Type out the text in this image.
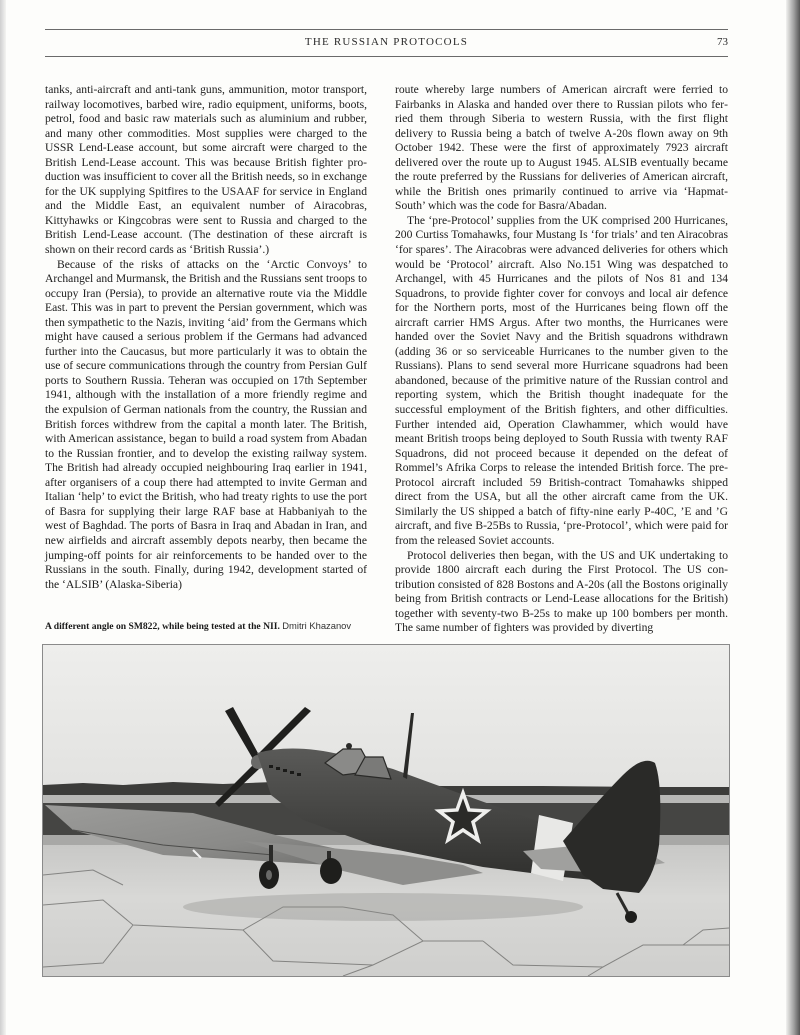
THE RUSSIAN PROTOCOLS	73

tanks, anti-aircraft and anti-tank guns, ammunition, motor transport, railway locomotives, barbed wire, radio equipment, uniforms, boots, petrol, food and basic raw materials such as aluminium and rubber, and many other commodities. Most supplies were charged to the USSR Lend-Lease account, but some aircraft were charged to the British Lend-Lease account. This was because British fighter production was insufficient to cover all the British needs, so in exchange for the UK supplying Spitfires to the USAAF for service in England and the Middle East, an equivalent number of Airacobras, Kittyhawks or Kingcobras were sent to Russia and charged to the British Lend-Lease account. (The destination of these aircraft is shown on their record cards as ‘British Russia’.)

Because of the risks of attacks on the ‘Arctic Convoys’ to Archangel and Murmansk, the British and the Russians sent troops to occupy Iran (Persia), to provide an alternative route via the Middle East. This was in part to prevent the Persian government, which was then sympathetic to the Nazis, inviting ‘aid’ from the Germans which might have caused a serious problem if the Germans had advanced further into the Caucasus, but more particularly it was to obtain the use of secure communications through the country from Persian Gulf ports to Southern Russia. Teheran was occupied on 17th September 1941, although with the installation of a more friendly regime and the expulsion of German nationals from the country, the Russian and British forces withdrew from the capital a month later. The British, with American assistance, began to build a road system from Abadan to the Russian frontier, and to develop the existing railway system. The British had already occupied neighbouring Iraq earlier in 1941, after organisers of a coup there had attempted to invite German and Italian ‘help’ to evict the British, who had treaty rights to use the port of Basra for supplying their large RAF base at Habbaniyah to the west of Baghdad. The ports of Basra in Iraq and Abadan in Iran, and new airfields and aircraft assembly depots nearby, then became the jumping-off points for air reinforcements to be handed over to the Russians in the south. Finally, during 1942, development started of the ‘ALSIB’ (Alaska-Siberia)

route whereby large numbers of American aircraft were ferried to Fairbanks in Alaska and handed over there to Russian pilots who ferried them through Siberia to western Russia, with the first flight delivery to Russia being a batch of twelve A-20s flown away on 9th October 1942. These were the first of approximately 7923 aircraft delivered over the route up to August 1945. ALSIB eventually became the route preferred by the Russians for deliveries of American aircraft, while the British ones primarily continued to arrive via ‘Hapmat-South’ which was the code for Basra/Abadan.

The ‘pre-Protocol’ supplies from the UK comprised 200 Hurricanes, 200 Curtiss Tomahawks, four Mustang Is ‘for trials’ and ten Airacobras ‘for spares’. The Airacobras were advanced deliveries for others which would be ‘Protocol’ aircraft. Also No.151 Wing was despatched to Archangel, with 45 Hurricanes and the pilots of Nos 81 and 134 Squadrons, to provide fighter cover for convoys and local air defence for the Northern ports, most of the Hurricanes being flown off the aircraft carrier HMS Argus. After two months, the Hurricanes were handed over the Soviet Navy and the British squadrons withdrawn (adding 36 or so serviceable Hurricanes to the number given to the Russians). Plans to send several more Hurricane squadrons had been abandoned, because of the primitive nature of the Russian control and reporting system, which the British thought inadequate for the successful employment of the British fighters, and other difficulties. Further intended aid, Operation Clawhammer, which would have meant British troops being deployed to South Russia with twenty RAF Squadrons, did not proceed because it depended on the defeat of Rommel’s Afrika Corps to release the intended British force. The pre-Protocol aircraft included 59 British-contract Tomahawks shipped direct from the USA, but all the other aircraft came from the UK. Similarly the US shipped a batch of fifty-nine early P-40C, ’E and ’G aircraft, and five B-25Bs to Russia, ‘pre-Protocol’, which were paid for from the released Soviet accounts.

Protocol deliveries then began, with the US and UK undertaking to provide 1800 aircraft each during the First Protocol. The US contribution consisted of 828 Bostons and A-20s (all the Bostons originally being from British contracts or Lend-Lease allocations for the British) together with seventy-two B-25s to make up 100 bombers per month. The same number of fighters was provided by diverting

A different angle on SM822, while being tested at the NII. Dmitri Khazanov
